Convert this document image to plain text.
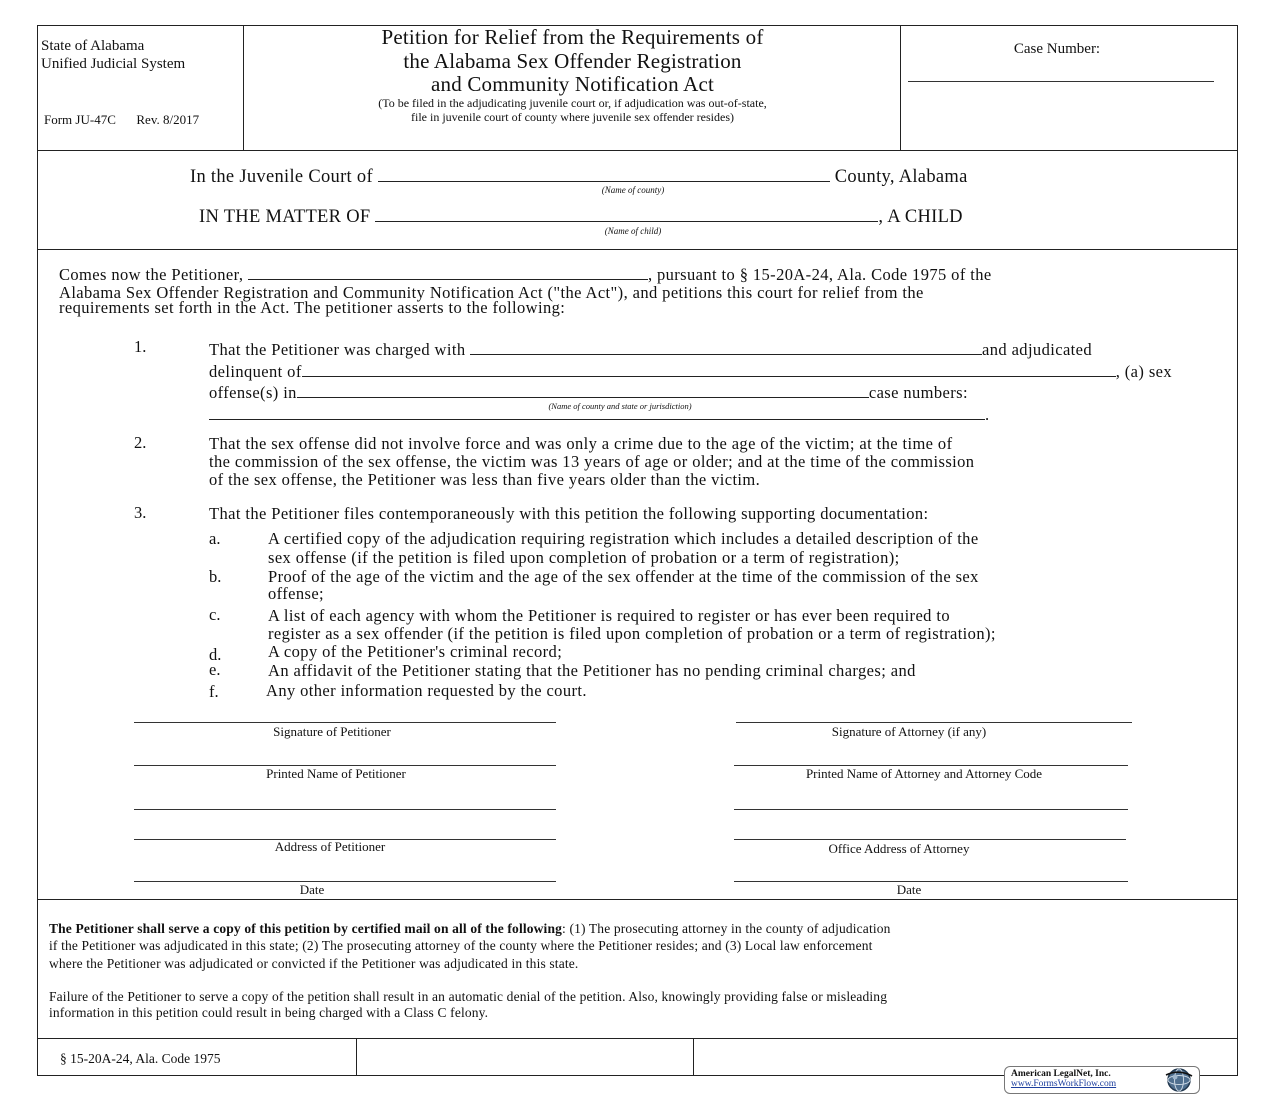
State of Alabama
Unified Judicial System
Form JU-47C Rev. 8/2017
Petition for Relief from the Requirements of
the Alabama Sex Offender Registration
and Community Notification Act
(To be filed in the adjudicating juvenile court or, if adjudication was out-of-state,
file in juvenile court of county where juvenile sex offender resides)
Case Number:
In the Juvenile Court of	County, Alabama
(Name of county)
IN THE MATTER OF	, A CHILD
(Name of child)
Comes now the Petitioner,	, pursuant to § 15-20A-24, Ala. Code 1975 of the
Alabama Sex Offender Registration and Community Notification Act ("the Act"), and petitions this court for relief from the
requirements set forth in the Act. The petitioner asserts to the following:
1.	That the Petitioner was charged with	and adjudicated
delinquent of	, (a) sex
offense(s) in	case numbers:
(Name of county and state or jurisdiction)	.
2.	That the sex offense did not involve force and was only a crime due to the age of the victim; at the time of
the commission of the sex offense, the victim was 13 years of age or older; and at the time of the commission
of the sex offense, the Petitioner was less than five years older than the victim.
3.	That the Petitioner files contemporaneously with this petition the following supporting documentation:
a.	A certified copy of the adjudication requiring registration which includes a detailed description of the
sex offense (if the petition is filed upon completion of probation or a term of registration);
b.	Proof of the age of the victim and the age of the sex offender at the time of the commission of the sex
offense;
c.	A list of each agency with whom the Petitioner is required to register or has ever been required to
register as a sex offender (if the petition is filed upon completion of probation or a term of registration);
d.	A copy of the Petitioner's criminal record;
e.	An affidavit of the Petitioner stating that the Petitioner has no pending criminal charges; and
f.	Any other information requested by the court.
Signature of Petitioner	Signature of Attorney (if any)
Printed Name of Petitioner	Printed Name of Attorney and Attorney Code
Address of Petitioner	Office Address of Attorney
Date	Date
The Petitioner shall serve a copy of this petition by certified mail on all of the following: (1) The prosecuting attorney in the county of adjudication
if the Petitioner was adjudicated in this state; (2) The prosecuting attorney of the county where the Petitioner resides; and (3) Local law enforcement
where the Petitioner was adjudicated or convicted if the Petitioner was adjudicated in this state.
Failure of the Petitioner to serve a copy of the petition shall result in an automatic denial of the petition. Also, knowingly providing false or misleading
information in this petition could result in being charged with a Class C felony.
§ 15-20A-24, Ala. Code 1975
American LegalNet, Inc.
www.FormsWorkFlow.com
